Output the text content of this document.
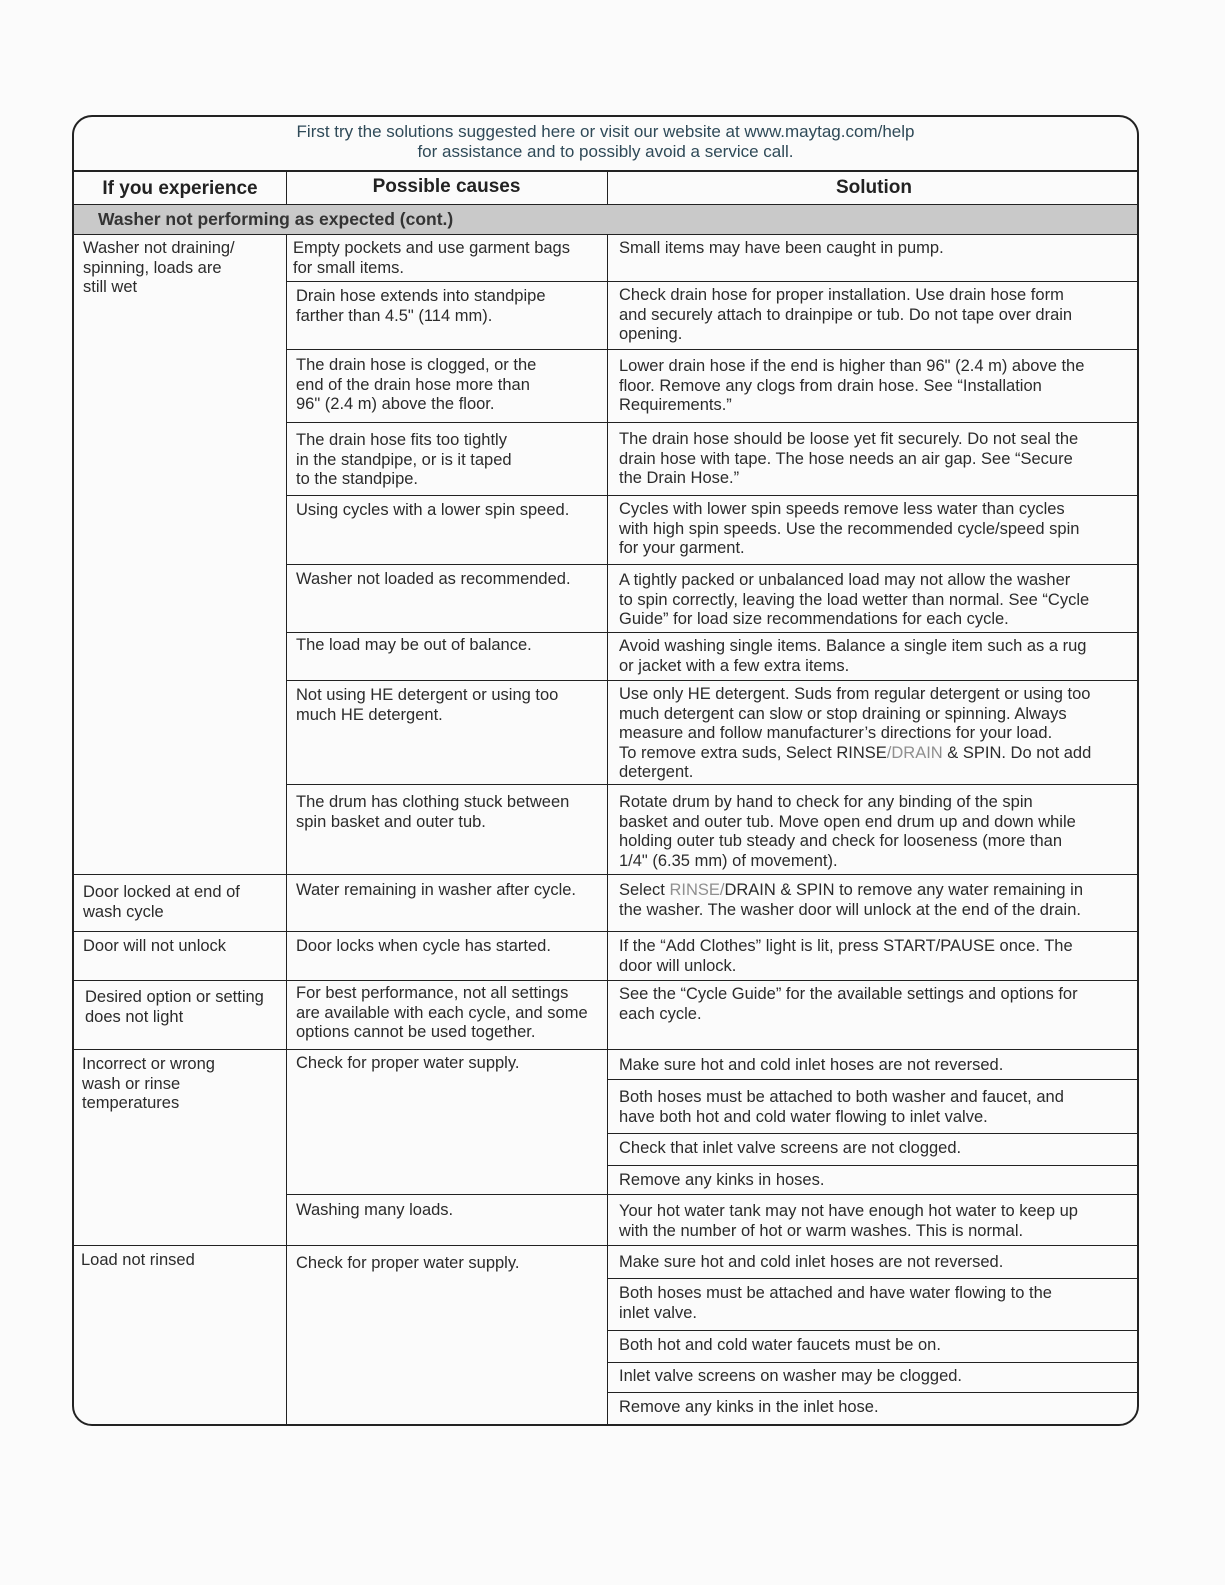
First try the solutions suggested here or visit our website at www.maytag.com/help
for assistance and to possibly avoid a service call.
If you experience	Possible causes	Solution
Washer not performing as expected (cont.)
Washer not draining/
spinning, loads are
still wet
Door locked at end of
wash cycle
Door will not unlock
Desired option or setting
does not light
Incorrect or wrong
wash or rinse
temperatures
Load not rinsed
Empty pockets and use garment bags
for small items.
Drain hose extends into standpipe
farther than 4.5" (114 mm).
The drain hose is clogged, or the
end of the drain hose more than
96" (2.4 m) above the floor.
The drain hose fits too tightly
in the standpipe, or is it taped
to the standpipe.
Using cycles with a lower spin speed.
Washer not loaded as recommended.
The load may be out of balance.
Not using HE detergent or using too
much HE detergent.
The drum has clothing stuck between
spin basket and outer tub.
Water remaining in washer after cycle.
Door locks when cycle has started.
For best performance, not all settings
are available with each cycle, and some
options cannot be used together.
Check for proper water supply.
Washing many loads.
Check for proper water supply.
Small items may have been caught in pump.
Check drain hose for proper installation. Use drain hose form
and securely attach to drainpipe or tub. Do not tape over drain
opening.
Lower drain hose if the end is higher than 96" (2.4 m) above the
floor. Remove any clogs from drain hose. See “Installation
Requirements.”
The drain hose should be loose yet fit securely. Do not seal the
drain hose with tape. The hose needs an air gap. See “Secure
the Drain Hose.”
Cycles with lower spin speeds remove less water than cycles
with high spin speeds. Use the recommended cycle/speed spin
for your garment.
A tightly packed or unbalanced load may not allow the washer
to spin correctly, leaving the load wetter than normal. See “Cycle
Guide” for load size recommendations for each cycle.
Avoid washing single items. Balance a single item such as a rug
or jacket with a few extra items.
Use only HE detergent. Suds from regular detergent or using too
much detergent can slow or stop draining or spinning. Always
measure and follow manufacturer’s directions for your load.
To remove extra suds, Select RINSE/DRAIN & SPIN. Do not add
detergent.
Rotate drum by hand to check for any binding of the spin
basket and outer tub. Move open end drum up and down while
holding outer tub steady and check for looseness (more than
1/4" (6.35 mm) of movement).
Select RINSE/DRAIN & SPIN to remove any water remaining in
the washer. The washer door will unlock at the end of the drain.
If the “Add Clothes” light is lit, press START/PAUSE once. The
door will unlock.
See the “Cycle Guide” for the available settings and options for
each cycle.
Make sure hot and cold inlet hoses are not reversed.
Both hoses must be attached to both washer and faucet, and
have both hot and cold water flowing to inlet valve.
Check that inlet valve screens are not clogged.
Remove any kinks in hoses.
Your hot water tank may not have enough hot water to keep up
with the number of hot or warm washes. This is normal.
Make sure hot and cold inlet hoses are not reversed.
Both hoses must be attached and have water flowing to the
inlet valve.
Both hot and cold water faucets must be on.
Inlet valve screens on washer may be clogged.
Remove any kinks in the inlet hose.
